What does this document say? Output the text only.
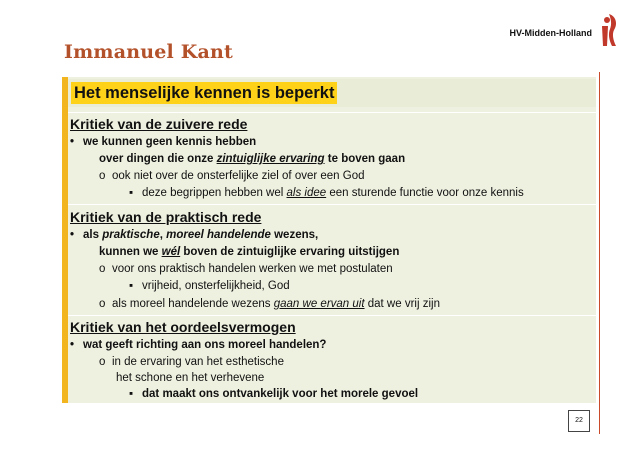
HV-Midden-Holland
Immanuel Kant
Het menselijke kennen is beperkt
Kritiek van de zuivere rede
• we kunnen geen kennis hebben
over dingen die onze zintuiglijke ervaring te boven gaan
o ook niet over de onsterfelijke ziel of over een God
▪ deze begrippen hebben wel als idee een sturende functie voor onze kennis
Kritiek van de praktisch rede
• als praktische, moreel handelende wezens,
kunnen we wél boven de zintuiglijke ervaring uitstijgen
o voor ons praktisch handelen werken we met postulaten
▪ vrijheid, onsterfelijkheid, God
o als moreel handelende wezens gaan we ervan uit dat we vrij zijn
Kritiek van het oordeelsvermogen
• wat geeft richting aan ons moreel handelen?
o in de ervaring van het esthetische
het schone en het verhevene
▪ dat maakt ons ontvankelijk voor het morele gevoel
22
